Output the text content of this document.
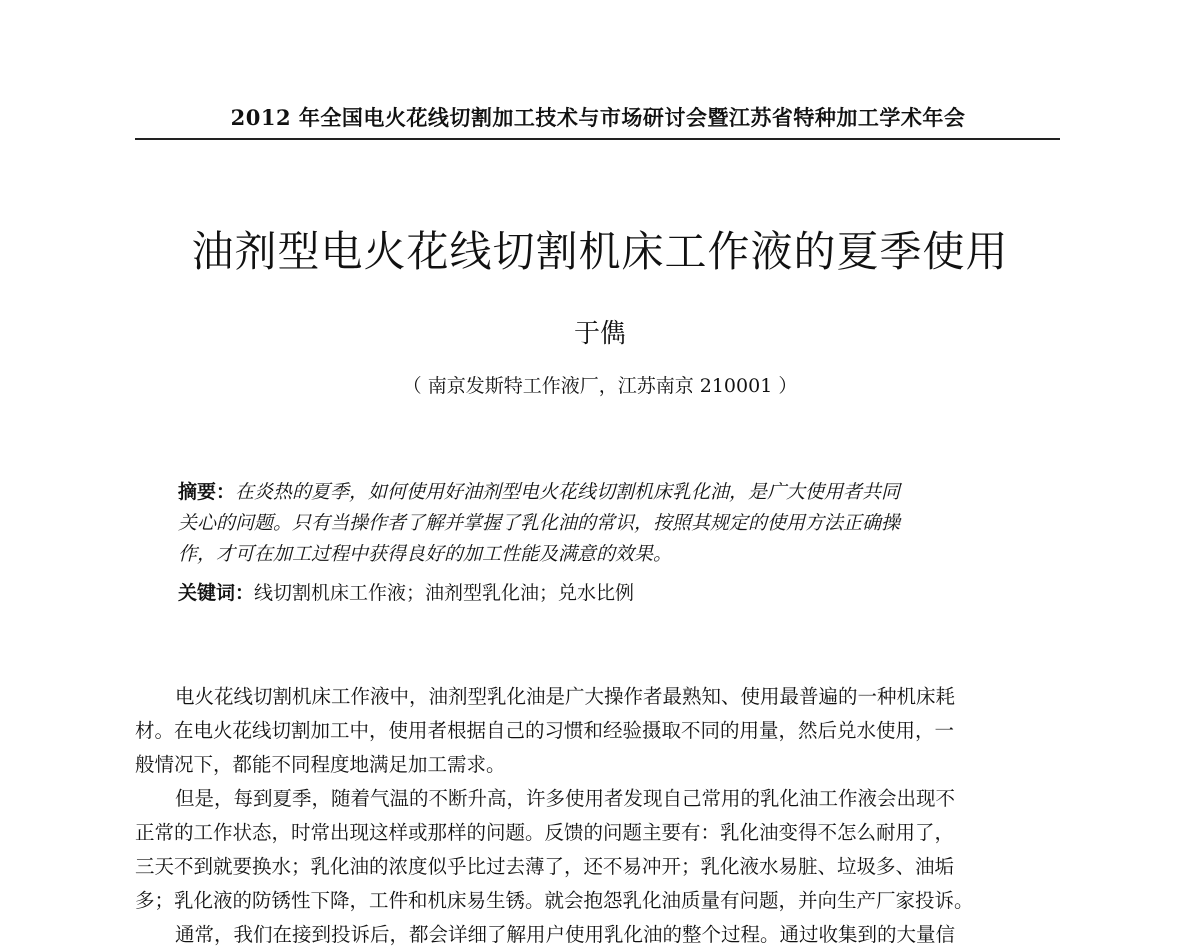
2012 年全国电火花线切割加工技术与市场研讨会暨江苏省特种加工学术年会
油剂型电火花线切割机床工作液的夏季使用
于儁
（ 南京发斯特工作液厂，江苏南京 210001 ）
摘要：在炎热的夏季，如何使用好油剂型电火花线切割机床乳化油，是广大使用者共同
关心的问题。只有当操作者了解并掌握了乳化油的常识，按照其规定的使用方法正确操
作，才可在加工过程中获得良好的加工性能及满意的效果。
关键词：线切割机床工作液；油剂型乳化油；兑水比例
电火花线切割机床工作液中，油剂型乳化油是广大操作者最熟知、使用最普遍的一种机床耗
材。在电火花线切割加工中，使用者根据自己的习惯和经验摄取不同的用量，然后兑水使用，一
般情况下，都能不同程度地满足加工需求。
但是，每到夏季，随着气温的不断升高，许多使用者发现自己常用的乳化油工作液会出现不
正常的工作状态，时常出现这样或那样的问题。反馈的问题主要有：乳化油变得不怎么耐用了，
三天不到就要换水；乳化油的浓度似乎比过去薄了，还不易冲开；乳化液水易脏、垃圾多、油垢
多；乳化液的防锈性下降，工件和机床易生锈。就会抱怨乳化油质量有问题，并向生产厂家投诉。
通常，我们在接到投诉后，都会详细了解用户使用乳化油的整个过程。通过收集到的大量信
